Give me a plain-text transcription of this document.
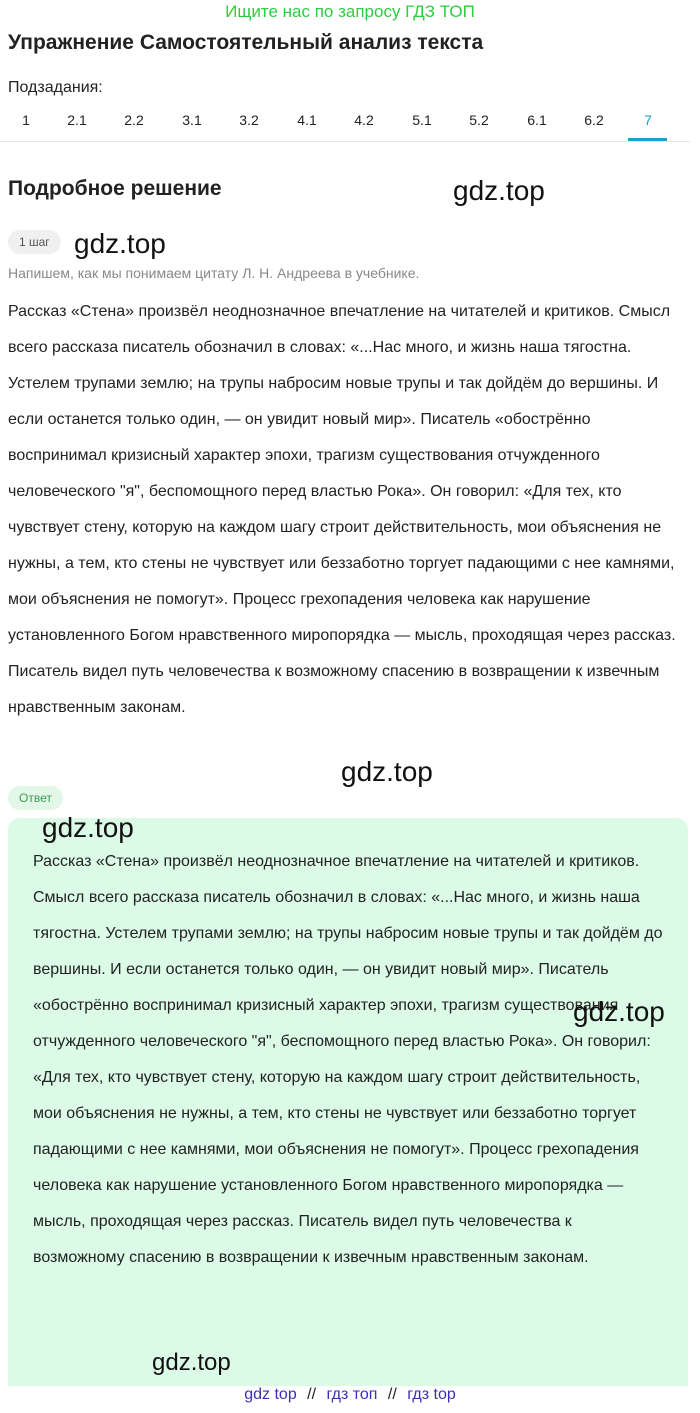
Ищите нас по запросу ГДЗ ТОП
Упражнение Самостоятельный анализ текста
Подзадания:
1	2.1	2.2	3.1	3.2	4.1	4.2	5.1	5.2	6.1	6.2	7
Подробное решение	gdz.top
1 шаг gdz.top
Напишем, как мы понимаем цитату Л. Н. Андреева в учебнике.

Рассказ «Стена» произвёл неоднозначное впечатление на читателей и критиков. Смысл всего рассказа писатель обозначил в словах: «...Нас много, и жизнь наша тягостна. Устелем трупами землю; на трупы набросим новые трупы и так дойдём до вершины. И если останется только один, — он увидит новый мир». Писатель «обострённо воспринимал кризисный характер эпохи, трагизм существования отчужденного человеческого "я", беспомощного перед властью Рока». Он говорил: «Для тех, кто чувствует стену, которую на каждом шагу строит действительность, мои объяснения не нужны, а тем, кто стены не чувствует или беззаботно торгует падающими с нее камнями, мои объяснения не помогут». Процесс грехопадения человека как нарушение установленного Богом нравственного миропорядка — мысль, проходящая через рассказ. Писатель видел путь человечества к возможному спасению в возвращении к извечным нравственным законам.

gdz.top
Ответ
gdz.top

Рассказ «Стена» произвёл неоднозначное впечатление на читателей и критиков. Смысл всего рассказа писатель обозначил в словах: «...Нас много, и жизнь наша тягостна. Устелем трупами землю; на трупы набросим новые трупы и так дойдём до вершины. И если останется только один, — он увидит новый мир». Писатель «обострённо воспринимал кризисный характер эпохи, трагизм существования отчужденного человеческого "я", беспомощного перед властью Рока». Он говорил: «Для тех, кто чувствует стену, которую на каждом шагу строит действительность, мои объяснения не нужны, а тем, кто стены не чувствует или беззаботно торгует падающими с нее камнями, мои объяснения не помогут». Процесс грехопадения человека как нарушение установленного Богом нравственного миропорядка — мысль, проходящая через рассказ. Писатель видел путь человечества к возможному спасению в возвращении к извечным нравственным законам.

gdz.top
gdz.top
gdz top // гдз топ // гдз top
